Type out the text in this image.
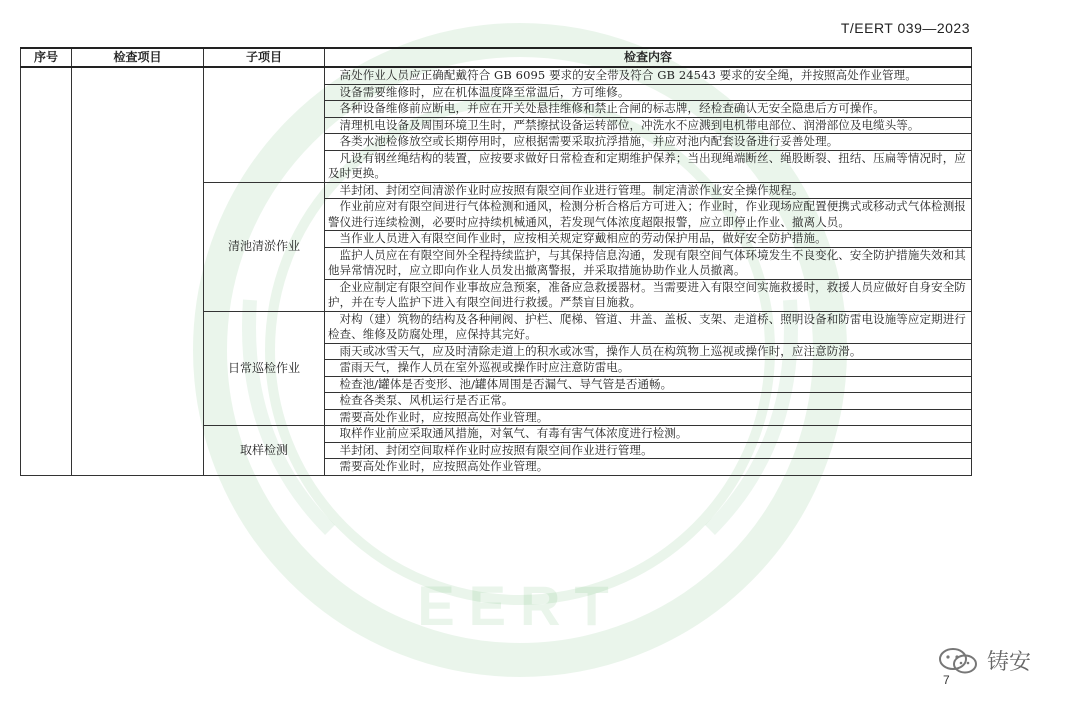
EERT
T/EERT 039—2023
序号	检查项目	子项目	检查内容
			高处作业人员应正确配戴符合 GB 6095 要求的安全带及符合 GB 24543 要求的安全绳，并按照高处作业管理。
			设备需要维修时，应在机体温度降至常温后，方可维修。
			各种设备维修前应断电，并应在开关处悬挂维修和禁止合闸的标志牌，经检查确认无安全隐患后方可操作。
			清理机电设备及周围环境卫生时，严禁擦拭设备运转部位，冲洗水不应溅到电机带电部位、润滑部位及电缆头等。
			各类水池检修放空或长期停用时，应根据需要采取抗浮措施，并应对池内配套设备进行妥善处理。
			凡设有钢丝绳结构的装置，应按要求做好日常检查和定期维护保养；当出现绳端断丝、绳股断裂、扭结、压扁等情况时，应及时更换。
		清池清淤作业	半封闭、封闭空间清淤作业时应按照有限空间作业进行管理。制定清淤作业安全操作规程。
			作业前应对有限空间进行气体检测和通风，检测分析合格后方可进入；作业时，作业现场应配置便携式或移动式气体检测报警仪进行连续检测，必要时应持续机械通风，若发现气体浓度超限报警，应立即停止作业、撤离人员。
			当作业人员进入有限空间作业时，应按相关规定穿戴相应的劳动保护用品，做好安全防护措施。
			监护人员应在有限空间外全程持续监护，与其保持信息沟通，发现有限空间气体环境发生不良变化、安全防护措施失效和其他异常情况时，应立即向作业人员发出撤离警报，并采取措施协助作业人员撤离。
			企业应制定有限空间作业事故应急预案，准备应急救援器材。当需要进入有限空间实施救援时，救援人员应做好自身安全防护，并在专人监护下进入有限空间进行救援。严禁盲目施救。
		日常巡检作业	对构（建）筑物的结构及各种闸阀、护栏、爬梯、管道、井盖、盖板、支架、走道桥、照明设备和防雷电设施等应定期进行检查、维修及防腐处理，应保持其完好。
			雨天或冰雪天气，应及时清除走道上的积水或冰雪，操作人员在构筑物上巡视或操作时，应注意防滑。
			雷雨天气，操作人员在室外巡视或操作时应注意防雷电。
			检查池/罐体是否变形、池/罐体周围是否漏气、导气管是否通畅。
			检查各类泵、风机运行是否正常。
			需要高处作业时，应按照高处作业管理。
		取样检测	取样作业前应采取通风措施，对氧气、有毒有害气体浓度进行检测。
			半封闭、封闭空间取样作业时应按照有限空间作业进行管理。
			需要高处作业时，应按照高处作业管理。
铸安
7
